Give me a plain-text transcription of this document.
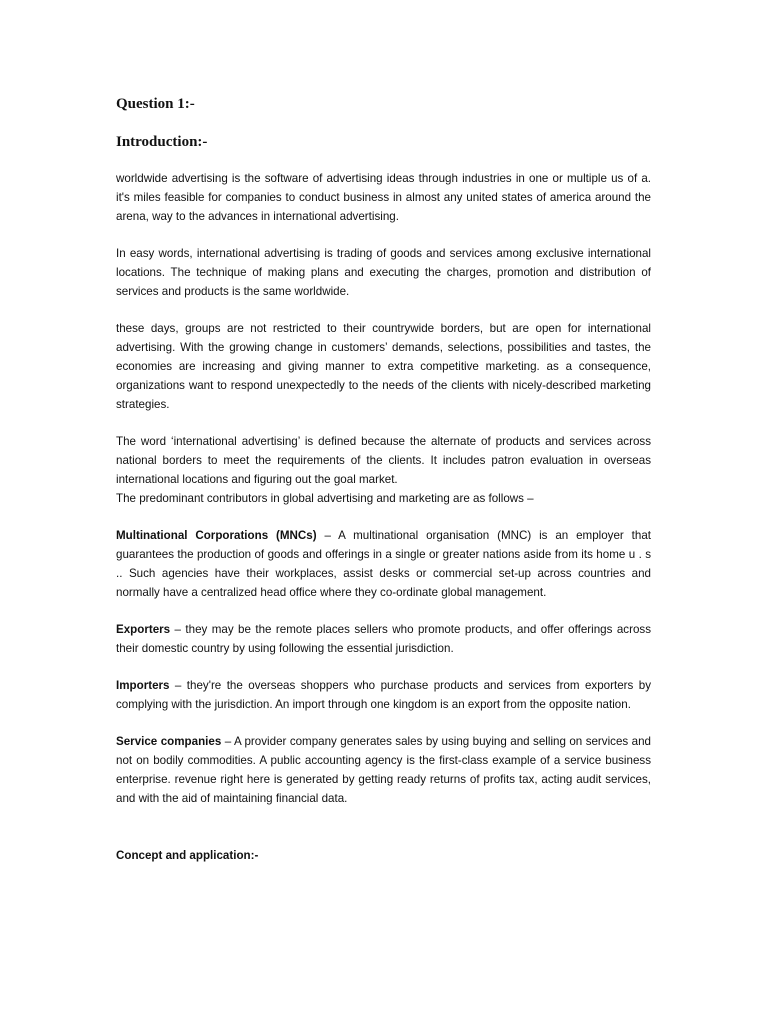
Question 1:-
Introduction:-

worldwide advertising is the software of advertising ideas through industries in one or multiple us of a. it's miles feasible for companies to conduct business in almost any united states of america around the arena, way to the advances in international advertising.

In easy words, international advertising is trading of goods and services among exclusive international locations. The technique of making plans and executing the charges, promotion and distribution of services and products is the same worldwide.

these days, groups are not restricted to their countrywide borders, but are open for international advertising. With the growing change in customers’ demands, selections, possibilities and tastes, the economies are increasing and giving manner to extra competitive marketing. as a consequence, organizations want to respond unexpectedly to the needs of the clients with nicely-described marketing strategies.

The word ‘international advertising’ is defined because the alternate of products and services across national borders to meet the requirements of the clients. It includes patron evaluation in overseas international locations and figuring out the goal market.

The predominant contributors in global advertising and marketing are as follows –

Multinational Corporations (MNCs) – A multinational organisation (MNC) is an employer that guarantees the production of goods and offerings in a single or greater nations aside from its home u . s .. Such agencies have their workplaces, assist desks or commercial set-up across countries and normally have a centralized head office where they co-ordinate global management.

Exporters – they may be the remote places sellers who promote products, and offer offerings across their domestic country by using following the essential jurisdiction.

Importers – they're the overseas shoppers who purchase products and services from exporters by complying with the jurisdiction. An import through one kingdom is an export from the opposite nation.

Service companies – A provider company generates sales by using buying and selling on services and not on bodily commodities. A public accounting agency is the first-class example of a service business enterprise. revenue right here is generated by getting ready returns of profits tax, acting audit services, and with the aid of maintaining financial data.

Concept and application:-
